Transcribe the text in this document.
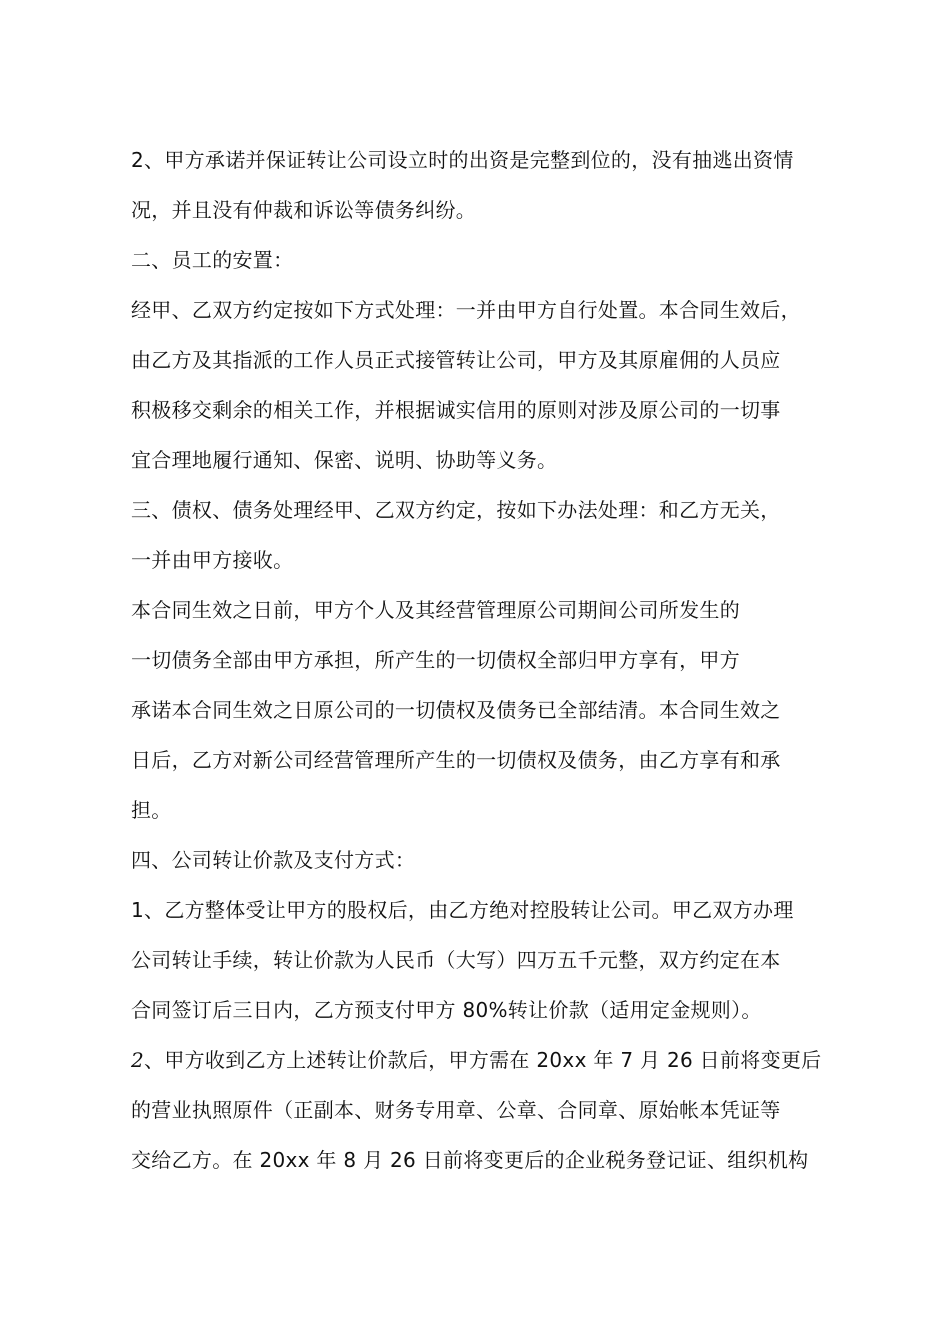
2、甲方承诺并保证转让公司设立时的出资是完整到位的，没有抽逃出资情
况，并且没有仲裁和诉讼等债务纠纷。
二、员工的安置：
经甲、乙双方约定按如下方式处理：一并由甲方自行处置。本合同生效后，
由乙方及其指派的工作人员正式接管转让公司，甲方及其原雇佣的人员应
积极移交剩余的相关工作，并根据诚实信用的原则对涉及原公司的一切事
宜合理地履行通知、保密、说明、协助等义务。
三、债权、债务处理经甲、乙双方约定，按如下办法处理：和乙方无关，
一并由甲方接收。
本合同生效之日前，甲方个人及其经营管理原公司期间公司所发生的
一切债务全部由甲方承担，所产生的一切债权全部归甲方享有，甲方
承诺本合同生效之日原公司的一切债权及债务已全部结清。本合同生效之
日后，乙方对新公司经营管理所产生的一切债权及债务，由乙方享有和承
担。
四、公司转让价款及支付方式：
1、乙方整体受让甲方的股权后，由乙方绝对控股转让公司。甲乙双方办理
公司转让手续，转让价款为人民币（大写）四万五千元整，双方约定在本
合同签订后三日内，乙方预支付甲方 80%转让价款（适用定金规则）。
2、甲方收到乙方上述转让价款后，甲方需在 20xx 年 7 月 26 日前将变更后
的营业执照原件（正副本、财务专用章、公章、合同章、原始帐本凭证等
交给乙方。在 20xx 年 8 月 26 日前将变更后的企业税务登记证、组织机构
